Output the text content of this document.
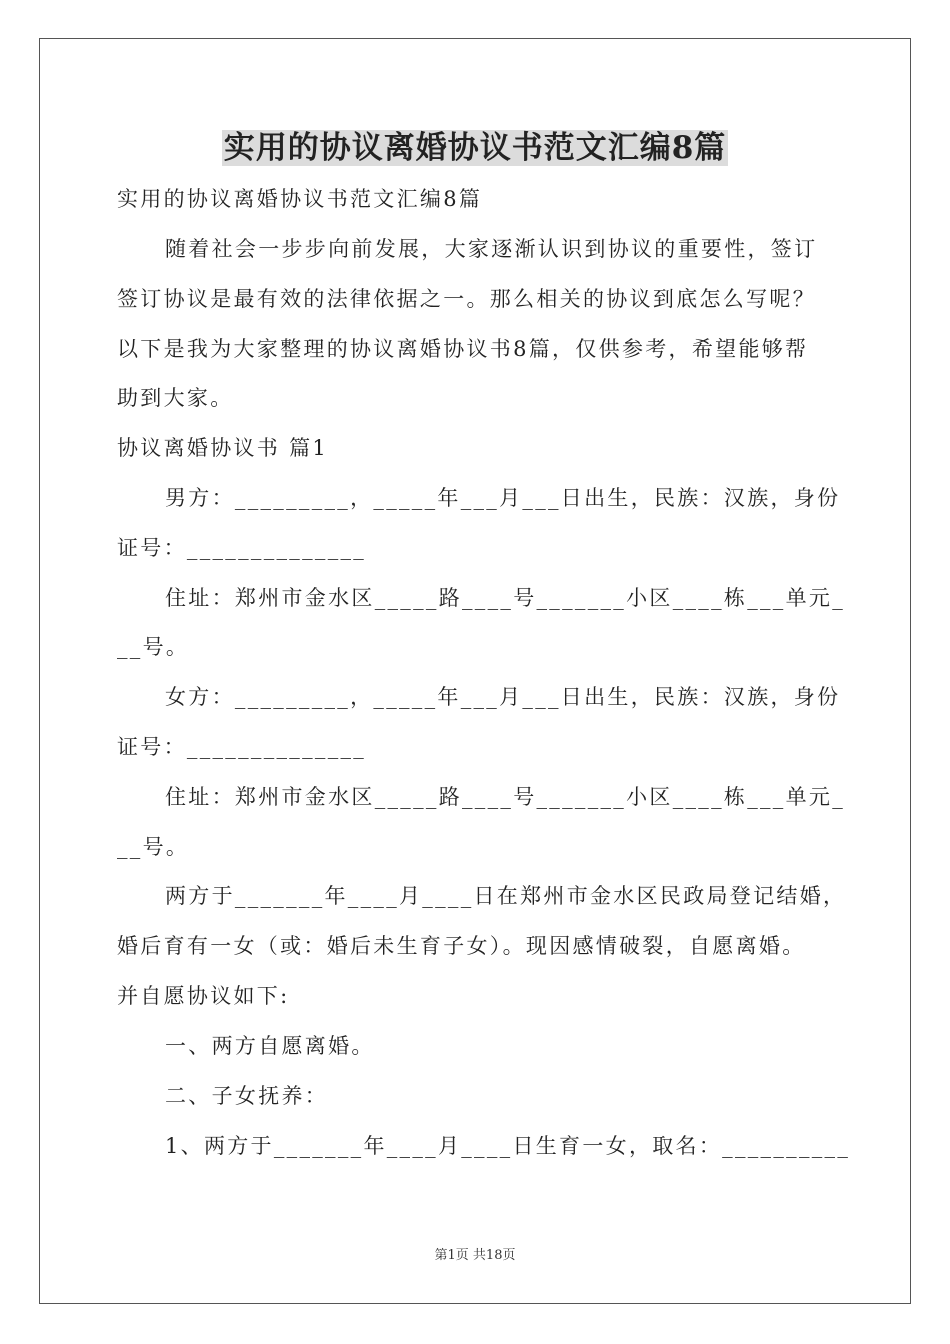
实用的协议离婚协议书范文汇编8篇
实用的协议离婚协议书范文汇编8篇
随着社会一步步向前发展，大家逐渐认识到协议的重要性，签订
签订协议是最有效的法律依据之一。那么相关的协议到底怎么写呢？
以下是我为大家整理的协议离婚协议书8篇，仅供参考，希望能够帮
助到大家。
协议离婚协议书 篇1
男方：_________，_____年___月___日出生，民族：汉族，身份
证号：______________
住址：郑州市金水区_____路____号_______小区____栋___单元_
__号。
女方：_________，_____年___月___日出生，民族：汉族，身份
证号：______________
住址：郑州市金水区_____路____号_______小区____栋___单元_
__号。
两方于_______年____月____日在郑州市金水区民政局登记结婚，
婚后育有一女（或：婚后未生育子女）。现因感情破裂，自愿离婚。
并自愿协议如下:
一、两方自愿离婚。
二、子女抚养：
1、两方于_______年____月____日生育一女，取名：__________
第1页 共18页
